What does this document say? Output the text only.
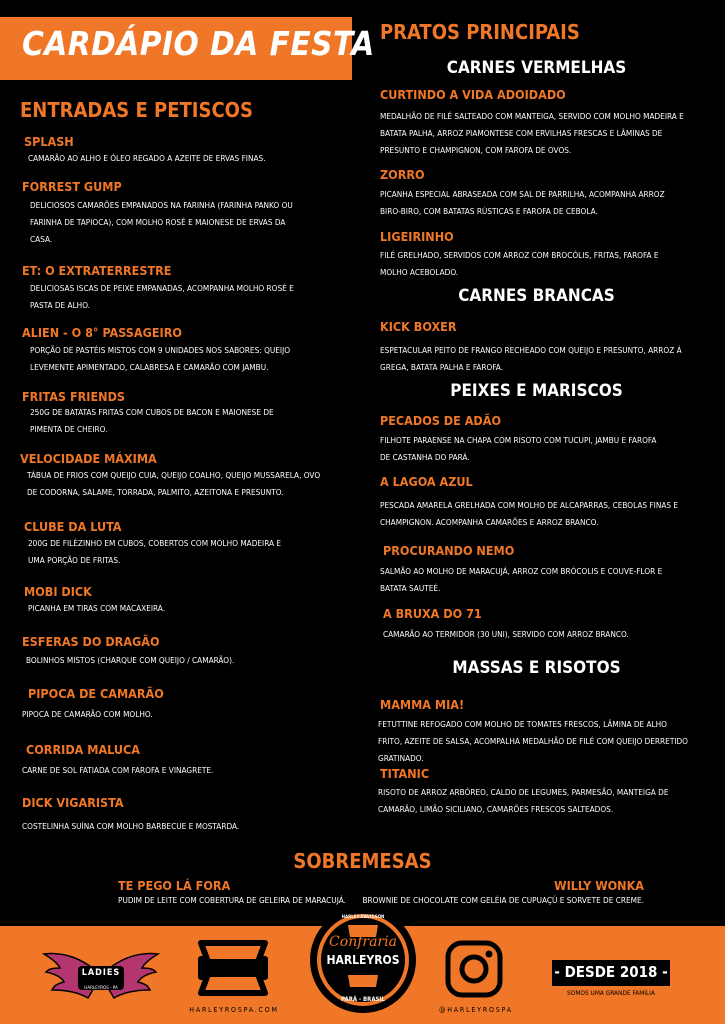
CARDÁPIO DA FESTA
ENTRADAS E PETISCOS
SPLASH
CAMARÃO AO ALHO E ÓLEO REGADO A AZEITE DE ERVAS FINAS.
FORREST GUMP
DELICIOSOS CAMARÕES EMPANADOS NA FARINHA (FARINHA PANKO OU FARINHA DE TAPIOCA), COM MOLHO ROSÉ E MAIONESE DE ERVAS DA CASA.
ET: O EXTRATERRESTRE
DELICIOSAS ISCAS DE PEIXE EMPANADAS, ACOMPANHA MOLHO ROSÉ E PASTA DE ALHO.
ALIEN - O 8° PASSAGEIRO
PORÇÃO DE PASTÉIS MISTOS COM 9 UNIDADES NOS SABORES: QUEIJO LEVEMENTE APIMENTADO, CALABRESA E CAMARÃO COM JAMBU.
FRITAS FRIENDS
250G DE BATATAS FRITAS COM CUBOS DE BACON E MAIONESE DE PIMENTA DE CHEIRO.
VELOCIDADE MÁXIMA
TÁBUA DE FRIOS COM QUEIJO CUIA, QUEIJO COALHO, QUEIJO MUSSARELA, OVO DE CODORNA, SALAME, TORRADA, PALMITO, AZEITONA E PRESUNTO.
CLUBE DA LUTA
200G DE FILÉZINHO EM CUBOS, COBERTOS COM MOLHO MADEIRA E UMA PORÇÃO DE FRITAS.
MOBI DICK
PICANHA EM TIRAS COM MACAXEIRA.
ESFERAS DO DRAGÃO
BOLINHOS MISTOS (CHARQUE COM QUEIJO / CAMARÃO).
PIPOCA DE CAMARÃO
PIPOCA DE CAMARÃO COM MOLHO.
CORRIDA MALUCA
CARNE DE SOL FATIADA COM FAROFA E VINAGRETE.
DICK VIGARISTA
COSTELINHA SUÍNA COM MOLHO BARBECUE E MOSTARDA.
PRATOS PRINCIPAIS
CARNES VERMELHAS
CURTINDO A VIDA ADOIDADO
MEDALHÃO DE FILÉ SALTEADO COM MANTEIGA, SERVIDO COM MOLHO MADEIRA E BATATA PALHA, ARROZ PIAMONTESE COM ERVILHAS FRESCAS E LÂMINAS DE PRESUNTO E CHAMPIGNON, COM FAROFA DE OVOS.
ZORRO
PICANHA ESPECIAL ABRASEADA COM SAL DE PARRILHA, ACOMPANHA ARROZ BIRO-BIRO, COM BATATAS RÚSTICAS E FAROFA DE CEBOLA.
LIGEIRINHO
FILÉ GRELHADO, SERVIDOS COM ARROZ COM BROCÓLIS, FRITAS, FAROFA E MOLHO ACEBOLADO.
CARNES BRANCAS
KICK BOXER
ESPETACULAR PEITO DE FRANGO RECHEADO COM QUEIJO E PRESUNTO, ARROZ Á GREGA, BATATA PALHA E FAROFA.
PEIXES E MARISCOS
PECADOS DE ADÃO
FILHOTE PARAENSE NA CHAPA COM RISOTO COM TUCUPI, JAMBU E FAROFA DE CASTANHA DO PARÁ.
A LAGOA AZUL
PESCADA AMARELA GRELHADA COM MOLHO DE ALCAPARRAS, CEBOLAS FINAS E CHAMPIGNON. ACOMPANHA CAMARÕES E ARROZ BRANCO.
PROCURANDO NEMO
SALMÃO AO MOLHO DE MARACUJÁ, ARROZ COM BRÓCOLIS E COUVE-FLOR E BATATA SAUTEÉ.
A BRUXA DO 71
CAMARÃO AO TERMIDOR (30 UNI), SERVIDO COM ARROZ BRANCO.
MASSAS E RISOTOS
MAMMA MIA!
FETUTTINE REFOGADO COM MOLHO DE TOMATES FRESCOS, LÂMINA DE ALHO FRITO, AZEITE DE SALSA, ACOMPALHA MEDALHÃO DE FILÉ COM QUEIJO DERRETIDO GRATINADO.
TITANIC
RISOTO DE ARROZ ARBÓREO, CALDO DE LEGUMES, PARMESÃO, MANTEIGA DE CAMARÃO, LIMÃO SICILIANO, CAMARÕES FRESCOS SALTEADOS.
SOBREMESAS
TE PEGO LÁ FORA
PUDIM DE LEITE COM COBERTURA DE GELEIRA DE MARACUJÁ.
WILLY WONKA
BROWNIE DE CHOCOLATE COM GELÉIA DE CUPUAÇÚ E SORVETE DE CREME.
LADIES
HARLEYROS - PA
HARLEYROSPA.COM
HARLEY-DAVIDSON
Confraria
HARLEYROS
PARÁ - BRASIL
@HARLEYROSPA
- DESDE 2018 -
SOMOS UMA GRANDE FAMÍLIA
